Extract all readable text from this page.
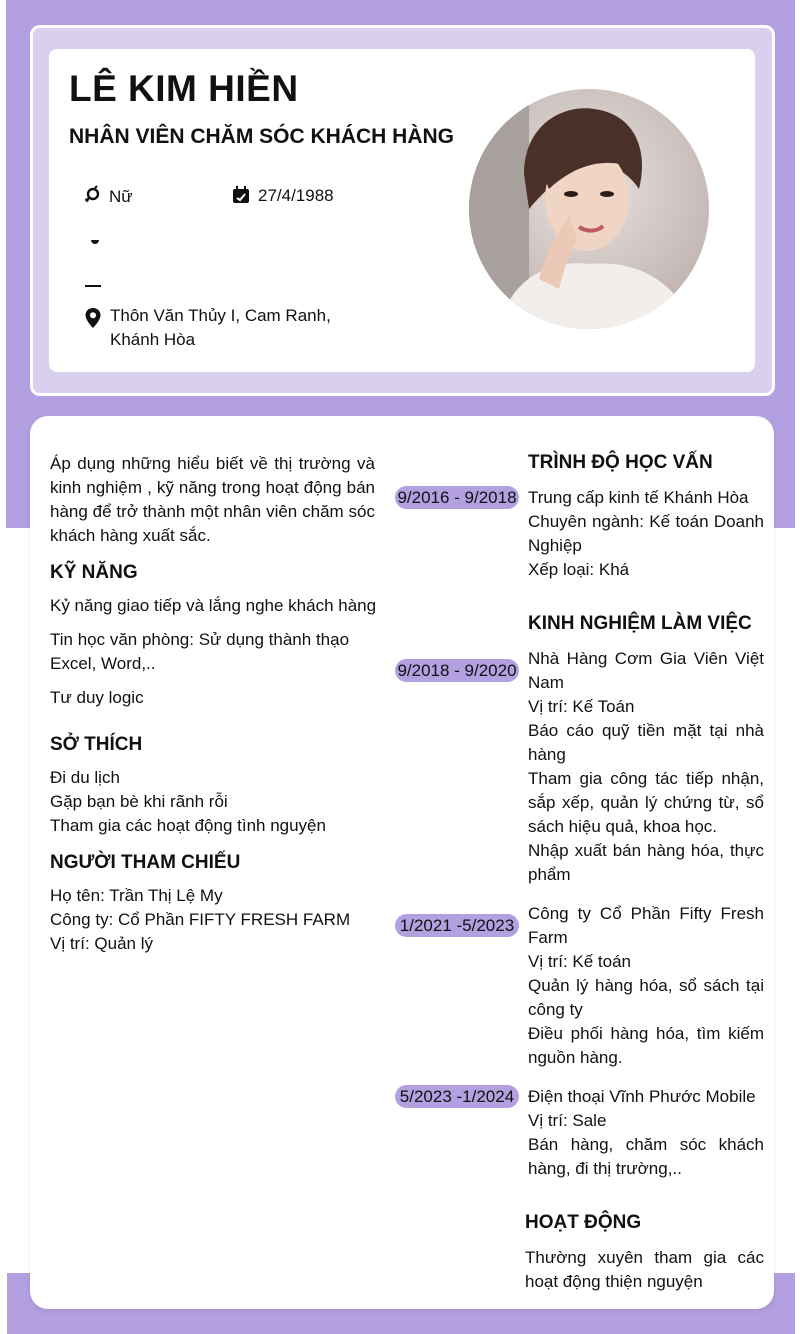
LÊ KIM HIỀN
NHÂN VIÊN CHĂM SÓC KHÁCH HÀNG
Nữ	27/4/1988
Thôn Văn Thủy I, Cam Ranh, Khánh Hòa
Áp dụng những hiểu biết về thị trường và kinh nghiệm , kỹ năng trong hoạt động bán hàng để trở thành một nhân viên chăm sóc khách hàng xuất sắc.
KỸ NĂNG
Kỷ năng giao tiếp và lắng nghe khách hàng
Tin học văn phòng: Sử dụng thành thạo Excel, Word,..
Tư duy logic
SỞ THÍCH
Đi du lịch
Gặp bạn bè khi rãnh rỗi
Tham gia các hoạt động tình nguyện
NGƯỜI THAM CHIẾU
Họ tên: Trần Thị Lệ My
Công ty: Cổ Phần FIFTY FRESH FARM
Vị trí: Quản lý
TRÌNH ĐỘ HỌC VẤN
9/2016 - 9/2018 Trung cấp kinh tế Khánh Hòa
Chuyên ngành: Kế toán Doanh Nghiệp
Xếp loại: Khá
KINH NGHIỆM LÀM VIỆC
9/2018 - 9/2020
Nhà Hàng Cơm Gia Viên Việt Nam
Vị trí: Kế Toán
Báo cáo quỹ tiền mặt tại nhà hàng
Tham gia công tác tiếp nhận, sắp xếp, quản lý chứng từ, sổ sách hiệu quả, khoa học.
Nhập xuất bán hàng hóa, thực phẩm
1/2021 -5/2023
Công ty Cổ Phần Fifty Fresh Farm
Vị trí: Kế toán
Quản lý hàng hóa, sổ sách tại công ty
Điều phối hàng hóa, tìm kiếm nguồn hàng.
5/2023 -1/2024 Điện thoại Vĩnh Phước Mobile
Vị trí: Sale
Bán hàng, chăm sóc khách hàng, đi thị trường,..
HOẠT ĐỘNG
Thường xuyên tham gia các hoạt động thiện nguyện
